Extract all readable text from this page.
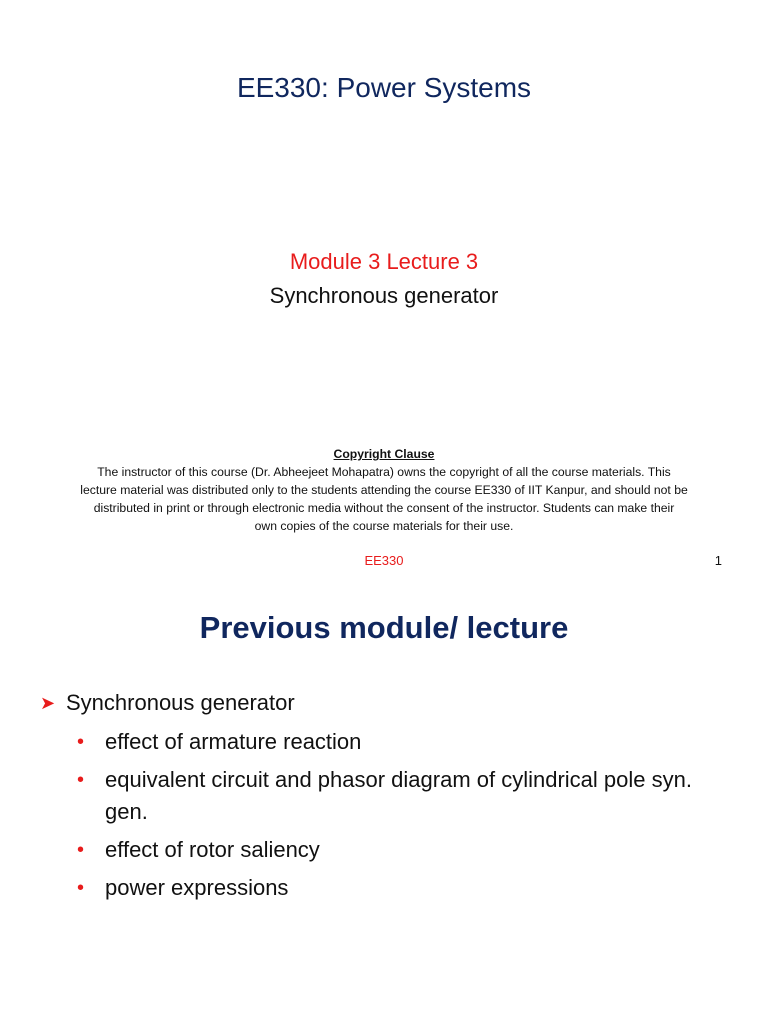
EE330: Power Systems
Module 3 Lecture 3
Synchronous generator
Copyright Clause
The instructor of this course (Dr. Abheejeet Mohapatra) owns the copyright of all the course materials. This
lecture material was distributed only to the students attending the course EE330 of IIT Kanpur, and should not be
distributed in print or through electronic media without the consent of the instructor. Students can make their
own copies of the course materials for their use.
EE330	1
Previous module/ lecture
➤ Synchronous generator
• effect of armature reaction
• equivalent circuit and phasor diagram of cylindrical pole syn. gen.
• effect of rotor saliency
• power expressions
